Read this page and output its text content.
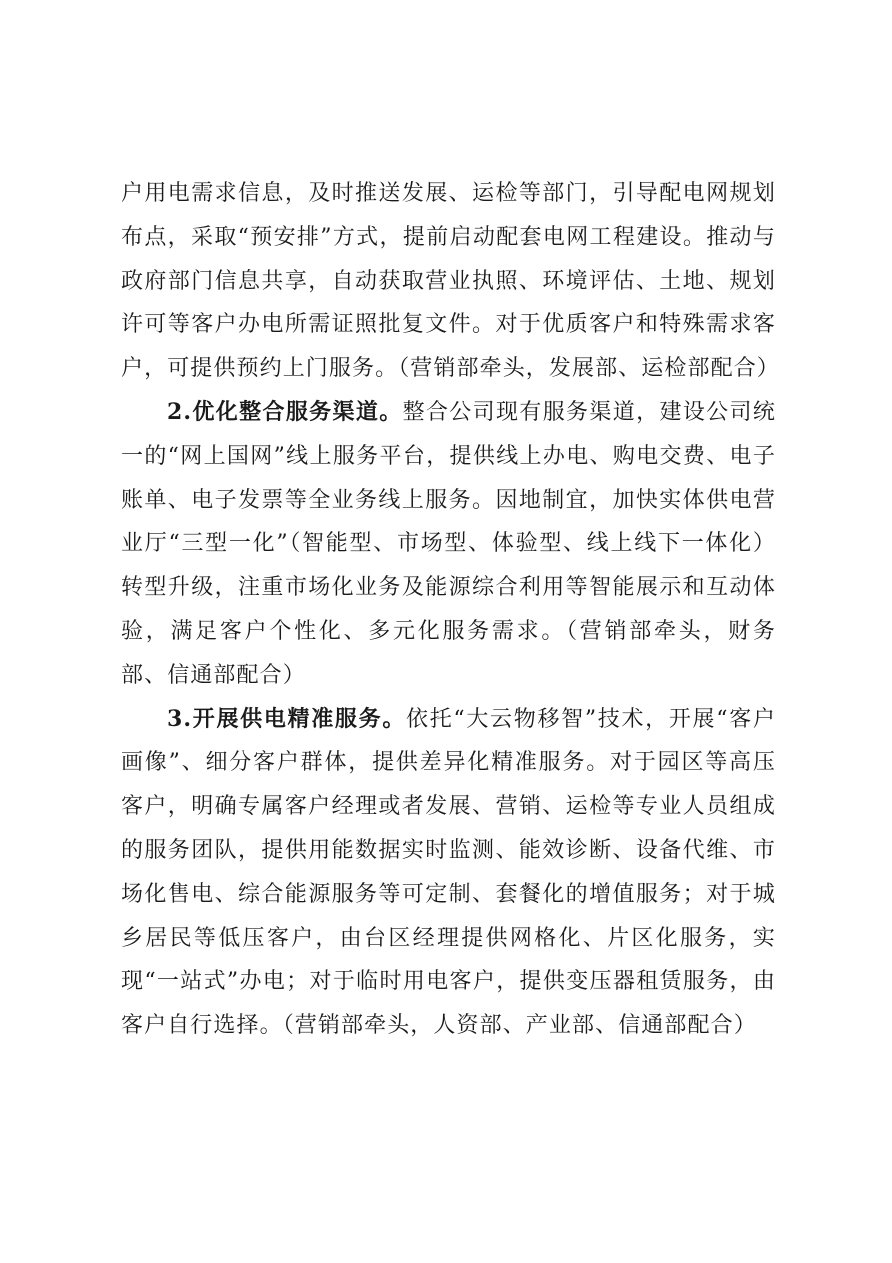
户用电需求信息，及时推送发展、运检等部门，引导配电网规划布点，采取“预安排”方式，提前启动配套电网工程建设。推动与政府部门信息共享，自动获取营业执照、环境评估、土地、规划许可等客户办电所需证照批复文件。对于优质客户和特殊需求客户，可提供预约上门服务。（营销部牵头，发展部、运检部配合）

2.优化整合服务渠道。整合公司现有服务渠道，建设公司统一的“网上国网”线上服务平台，提供线上办电、购电交费、电子账单、电子发票等全业务线上服务。因地制宜，加快实体供电营业厅“三型一化”（智能型、市场型、体验型、线上线下一体化）转型升级，注重市场化业务及能源综合利用等智能展示和互动体验，满足客户个性化、多元化服务需求。（营销部牵头，财务部、信通部配合）

3.开展供电精准服务。依托“大云物移智”技术，开展“客户画像”、细分客户群体，提供差异化精准服务。对于园区等高压客户，明确专属客户经理或者发展、营销、运检等专业人员组成的服务团队，提供用能数据实时监测、能效诊断、设备代维、市场化售电、综合能源服务等可定制、套餐化的增值服务；对于城乡居民等低压客户，由台区经理提供网格化、片区化服务，实现“一站式”办电；对于临时用电客户，提供变压器租赁服务，由客户自行选择。（营销部牵头，人资部、产业部、信通部配合）
